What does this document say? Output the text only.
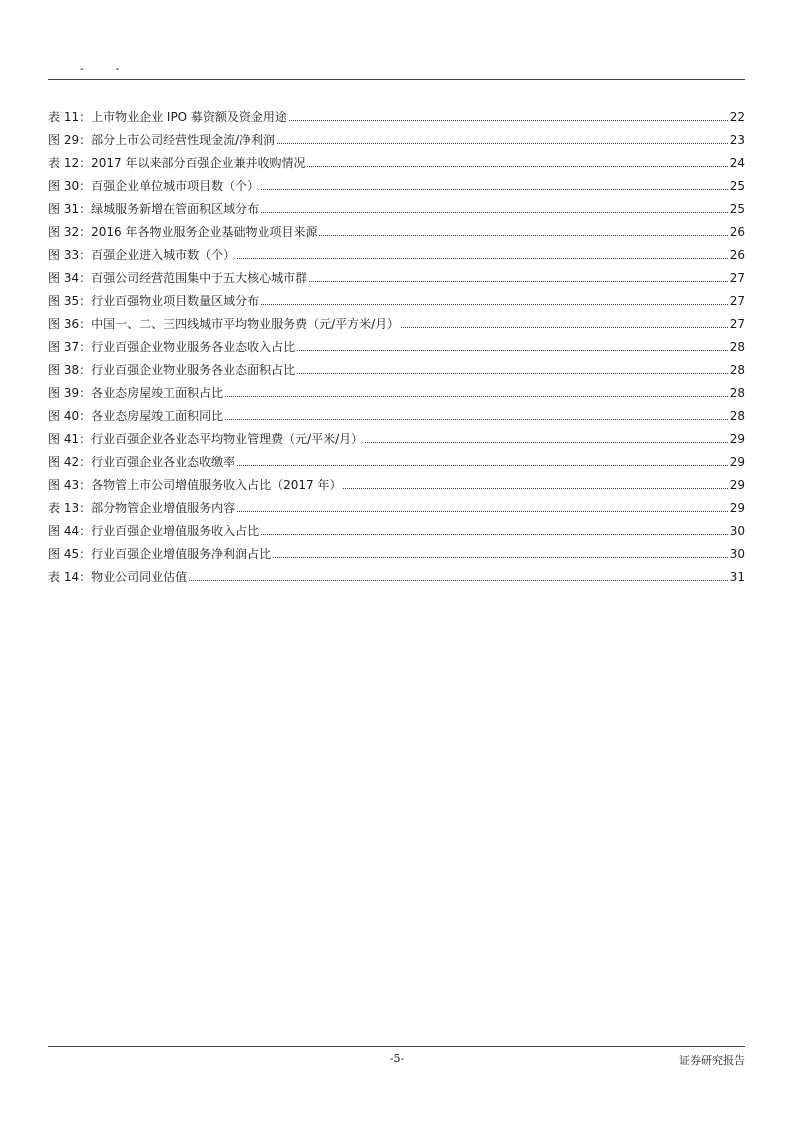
- -
表 11：上市物业企业 IPO 募资额及资金用途	22
图 29：部分上市公司经营性现金流/净利润	23
表 12：2017 年以来部分百强企业兼并收购情况	24
图 30：百强企业单位城市项目数（个）	25
图 31：绿城服务新增在管面积区域分布	25
图 32：2016 年各物业服务企业基础物业项目来源	26
图 33：百强企业进入城市数（个）	26
图 34：百强公司经营范围集中于五大核心城市群	27
图 35：行业百强物业项目数量区域分布	27
图 36：中国一、二、三四线城市平均物业服务费（元/平方米/月）	27
图 37：行业百强企业物业服务各业态收入占比	28
图 38：行业百强企业物业服务各业态面积占比	28
图 39：各业态房屋竣工面积占比	28
图 40：各业态房屋竣工面积同比	28
图 41：行业百强企业各业态平均物业管理费（元/平米/月）	29
图 42：行业百强企业各业态收缴率	29
图 43：各物管上市公司增值服务收入占比（2017 年）	29
表 13：部分物管企业增值服务内容	29
图 44：行业百强企业增值服务收入占比	30
图 45：行业百强企业增值服务净利润占比	30
表 14：物业公司同业估值	31
-5-	证券研究报告
